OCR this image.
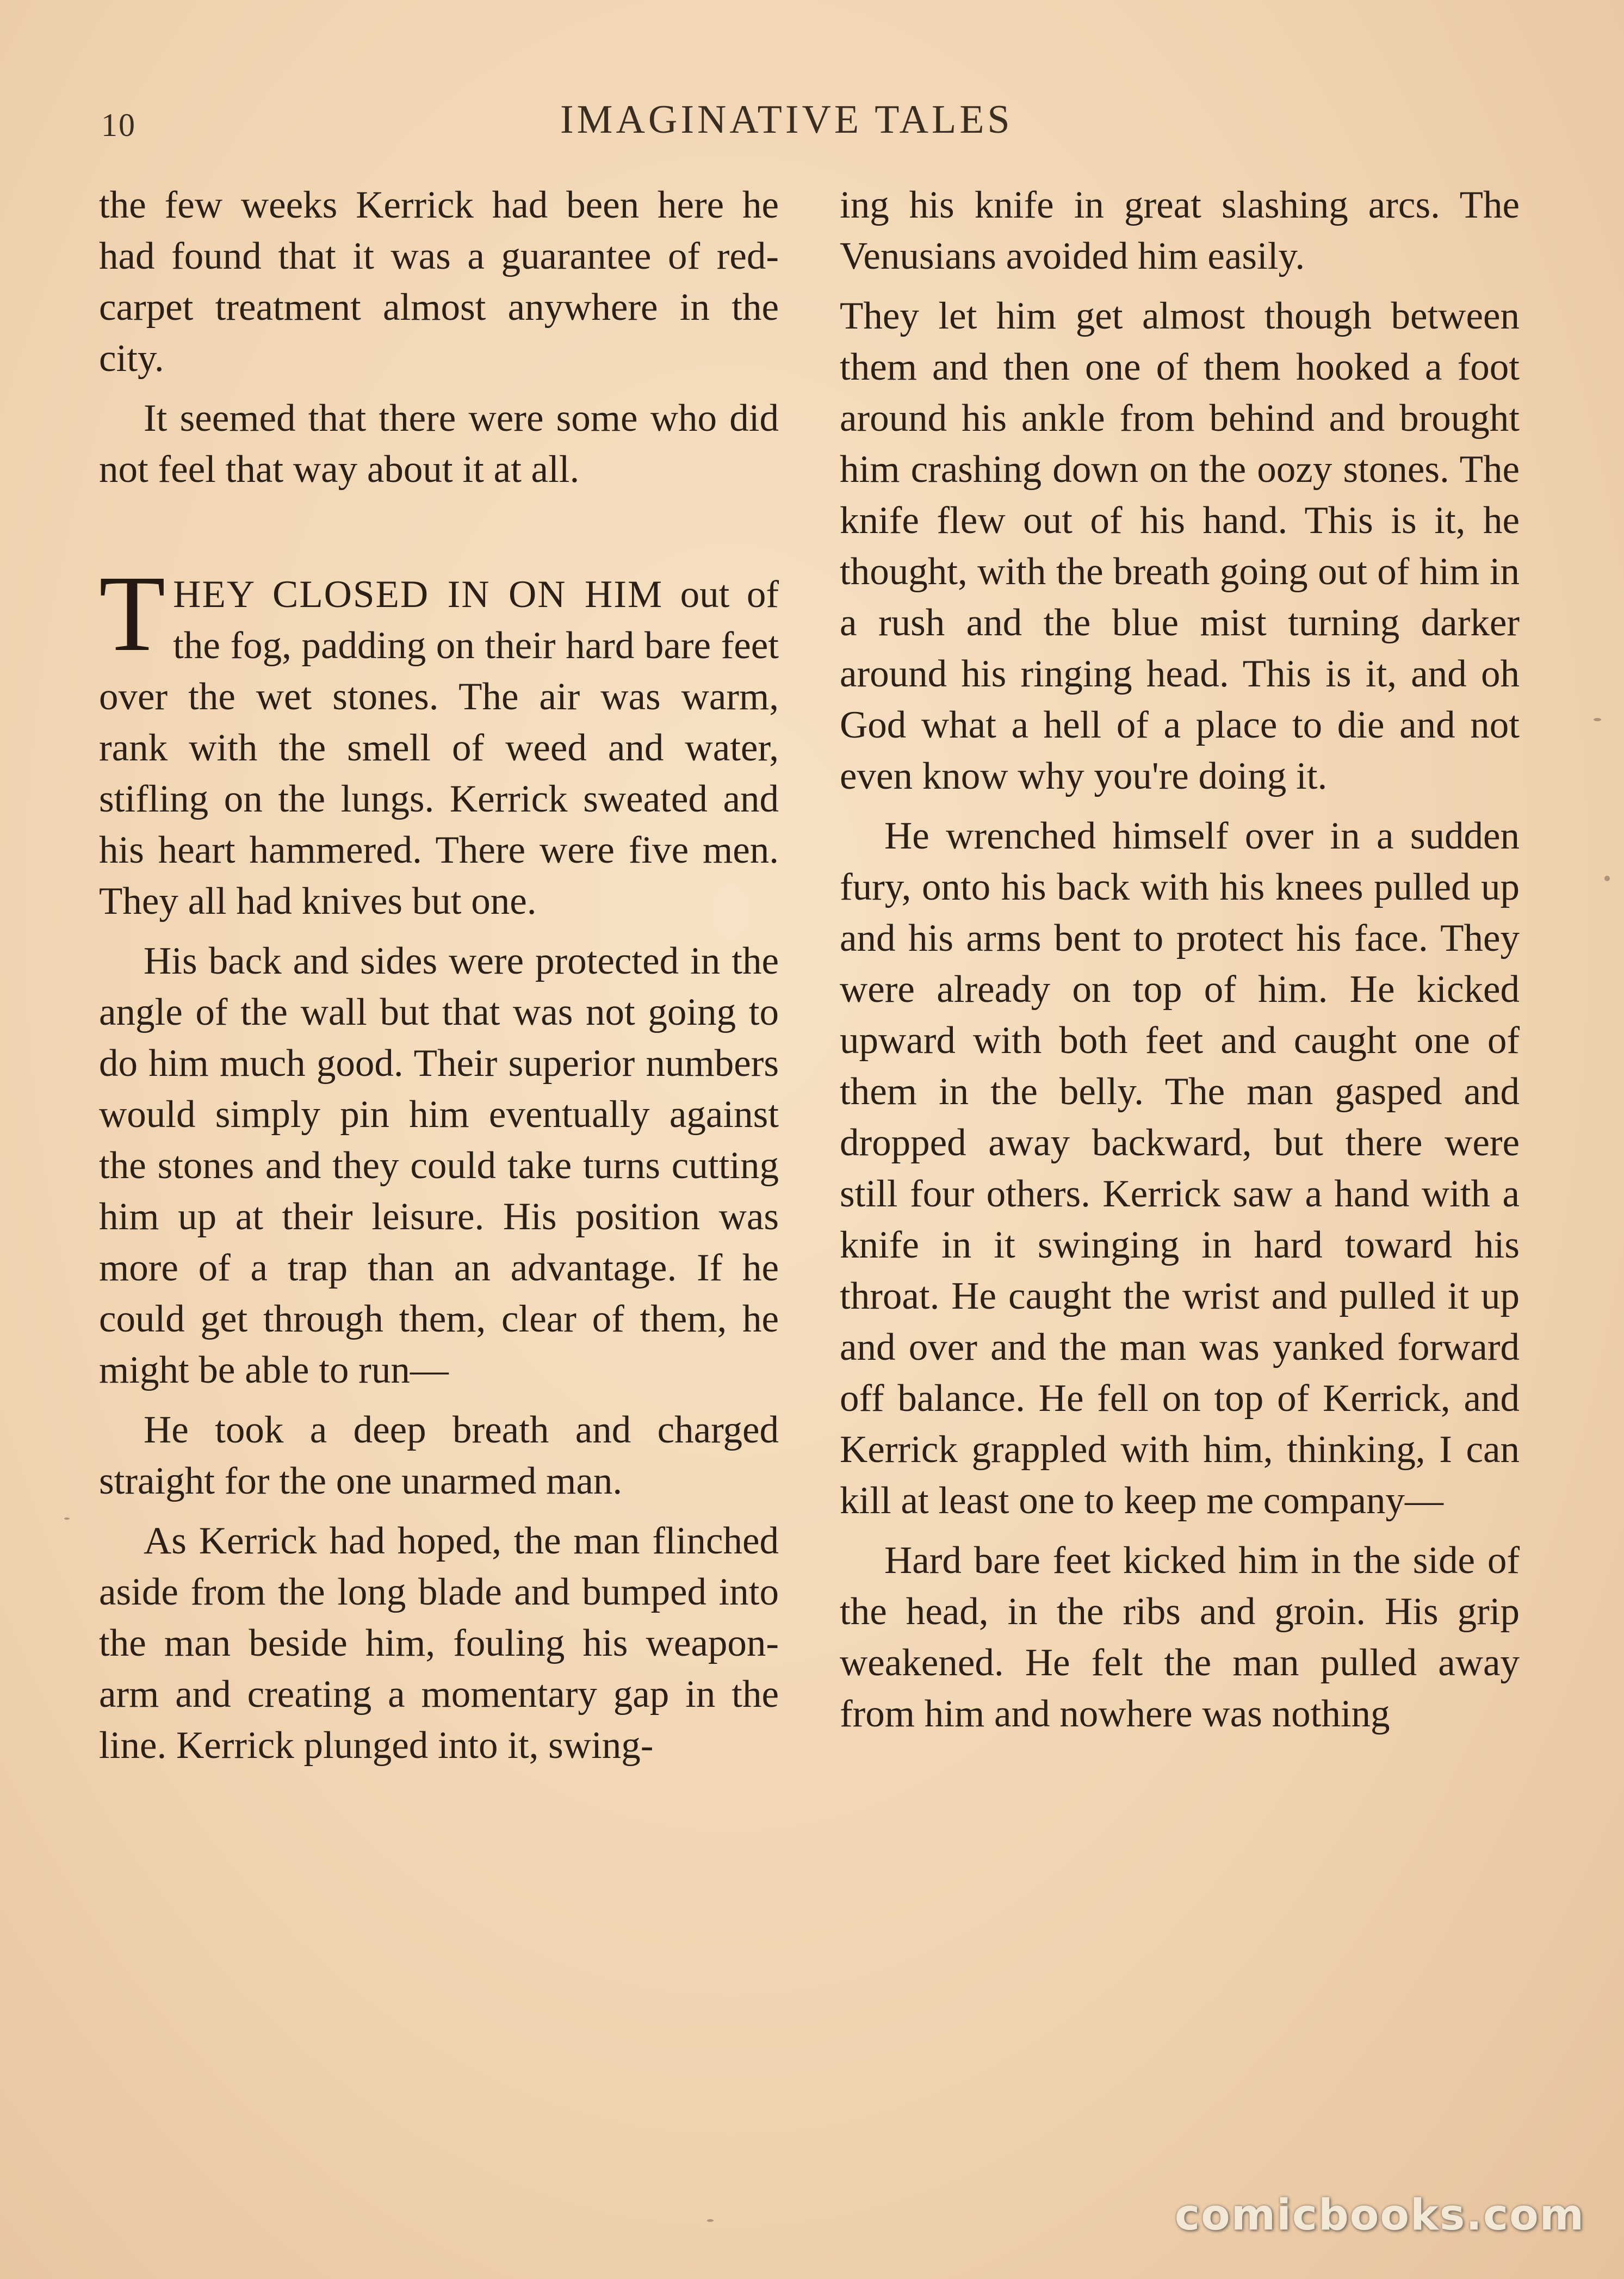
10	IMAGINATIVE TALES

the few weeks Kerrick had been here he had found that it was a guarantee of red-carpet treatment almost anywhere in the city.

It seemed that there were some who did not feel that way about it at all.

THEY CLOSED IN ON HIM out of the fog, padding on their hard bare feet over the wet stones. The air was warm, rank with the smell of weed and water, stifling on the lungs. Kerrick sweated and his heart hammered. There were five men. They all had knives but one.

His back and sides were protected in the angle of the wall but that was not going to do him much good. Their superior numbers would simply pin him eventually against the stones and they could take turns cutting him up at their leisure. His position was more of a trap than an advantage. If he could get through them, clear of them, he might be able to run—

He took a deep breath and charged straight for the one unarmed man.

As Kerrick had hoped, the man flinched aside from the long blade and bumped into the man beside him, fouling his weapon-arm and creating a momentary gap in the line. Kerrick plunged into it, swing-

ing his knife in great slashing arcs. The Venusians avoided him easily.

They let him get almost though between them and then one of them hooked a foot around his ankle from behind and brought him crashing down on the oozy stones. The knife flew out of his hand. This is it, he thought, with the breath going out of him in a rush and the blue mist turning darker around his ringing head. This is it, and oh God what a hell of a place to die and not even know why you're doing it.

He wrenched himself over in a sudden fury, onto his back with his knees pulled up and his arms bent to protect his face. They were already on top of him. He kicked upward with both feet and caught one of them in the belly. The man gasped and dropped away backward, but there were still four others. Kerrick saw a hand with a knife in it swinging in hard toward his throat. He caught the wrist and pulled it up and over and the man was yanked forward off balance. He fell on top of Kerrick, and Kerrick grappled with him, thinking, I can kill at least one to keep me company—

Hard bare feet kicked him in the side of the head, in the ribs and groin. His grip weakened. He felt the man pulled away from him and nowhere was nothing

comicbooks.com
